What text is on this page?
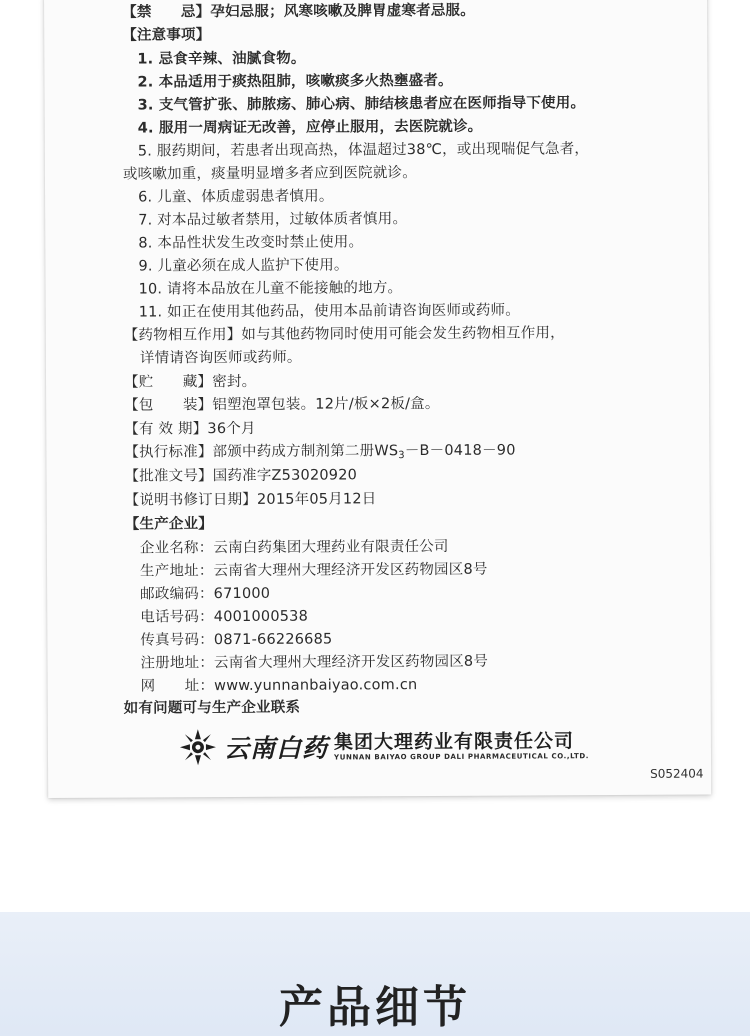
【禁　　忌】孕妇忌服；风寒咳嗽及脾胃虚寒者忌服。
【注意事项】
1. 忌食辛辣、油腻食物。
2. 本品适用于痰热阻肺，咳嗽痰多火热壅盛者。
3. 支气管扩张、肺脓疡、肺心病、肺结核患者应在医师指导下使用。
4. 服用一周病证无改善，应停止服用，去医院就诊。
5. 服药期间，若患者出现高热，体温超过38℃，或出现喘促气急者，
或咳嗽加重，痰量明显增多者应到医院就诊。
6. 儿童、体质虚弱患者慎用。
7. 对本品过敏者禁用，过敏体质者慎用。
8. 本品性状发生改变时禁止使用。
9. 儿童必须在成人监护下使用。
10. 请将本品放在儿童不能接触的地方。
11. 如正在使用其他药品，使用本品前请咨询医师或药师。
【药物相互作用】如与其他药物同时使用可能会发生药物相互作用，
详情请咨询医师或药师。
【贮　　藏】密封。
【包　　装】铝塑泡罩包装。12片/板×2板/盒。
【有 效 期】36个月
【执行标准】部颁中药成方制剂第二册$WS_3-B-0418-90$
【批准文号】国药准字Z53020920
【说明书修订日期】2015年05月12日
【生产企业】
企业名称：云南白药集团大理药业有限责任公司
生产地址：云南省大理州大理经济开发区药物园区8号
邮政编码：671000
电话号码：4001000538
传真号码：0871-66226685
注册地址：云南省大理州大理经济开发区药物园区8号
网　　址：www.yunnanbaiyao.com.cn
如有问题可与生产企业联系
云南白药 集团大理药业有限责任公司
YUNNAN BAIYAO GROUP DALI PHARMACEUTICAL CO.,LTD.
S052404
产品细节
